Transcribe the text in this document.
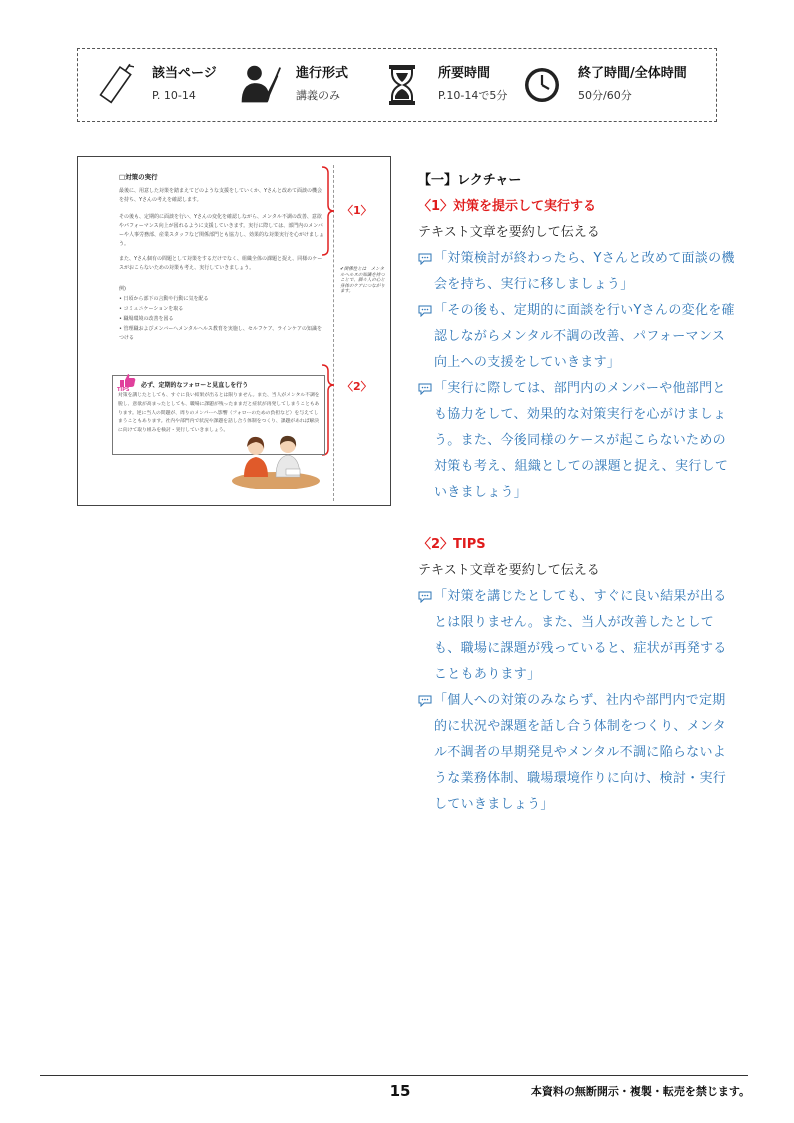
該当ページ
P. 10-14
進行形式
講義のみ
所要時間
P.10-14で5分
終了時間/全体時間
50分/60分
□対策の実行
最後に、用意した対策を踏まえてどのような支援をしていくか、Yさんと改めて面談の機会を持ち、Yさんの考えを確認します。
その後も、定期的に面談を行い、Yさんの変化を確認しながら、メンタル不調の改善、意欲やパフォーマンス向上が図れるように支援していきます。実行に際しては、部門内のメンバーや人事労務部、産業スタッフなど関係部門とも協力し、効果的な対策実行を心がけましょう。
また、Yさん個有の問題として対策をするだけでなく、組織全体の課題と捉え、同様のケースがおこらないための対策も考え、実行していきましょう。
例)
• 日頃から部下の言動や行動に気を配る
• コミュニケーションを取る
• 職場環境の改善を図る
• 管理職およびメンバーへメンタルヘルス教育を実施し、セルフケア、ラインケアの知識をつける
✔関係性とは　メンタルヘルスの知識を持つことで、個々人の心と身体のケアにつながります。
〈1〉
〈2〉
TIPS
必ず、定期的なフォローと見直しを行う
対策を講じたとしても、すぐに良い結果が出るとは限りません。また、当人がメンタル不調を脱し、意欲が高まったとしても、職場に課題が残ったままだと症状が再発してしまうこともあります。逆に当人の問題が、周りのメンバーへ影響（フォローのための負担など）を与えてしまうこともあります。社内や部門内で状況や課題を話し合う体制をつくり、課題があれば解決に向けて取り組みを検討・実行していきましょう。
【一】レクチャー
〈1〉対策を提示して実行する
テキスト文章を要約して伝える
「対策検討が終わったら、Yさんと改めて面談の機会を持ち、実行に移しましょう」
「その後も、定期的に面談を行いYさんの変化を確認しながらメンタル不調の改善、パフォーマンス向上への支援をしていきます」
「実行に際しては、部門内のメンバーや他部門とも協力をして、効果的な対策実行を心がけましょう。また、今後同様のケースが起こらないための対策も考え、組織としての課題と捉え、実行していきましょう」
〈2〉TIPS
テキスト文章を要約して伝える
「対策を講じたとしても、すぐに良い結果が出るとは限りません。また、当人が改善したとしても、職場に課題が残っていると、症状が再発することもあります」
「個人への対策のみならず、社内や部門内で定期的に状況や課題を話し合う体制をつくり、メンタル不調者の早期発見やメンタル不調に陥らないような業務体制、職場環境作りに向け、検討・実行していきましょう」
15	本資料の無断開示・複製・転売を禁じます。
